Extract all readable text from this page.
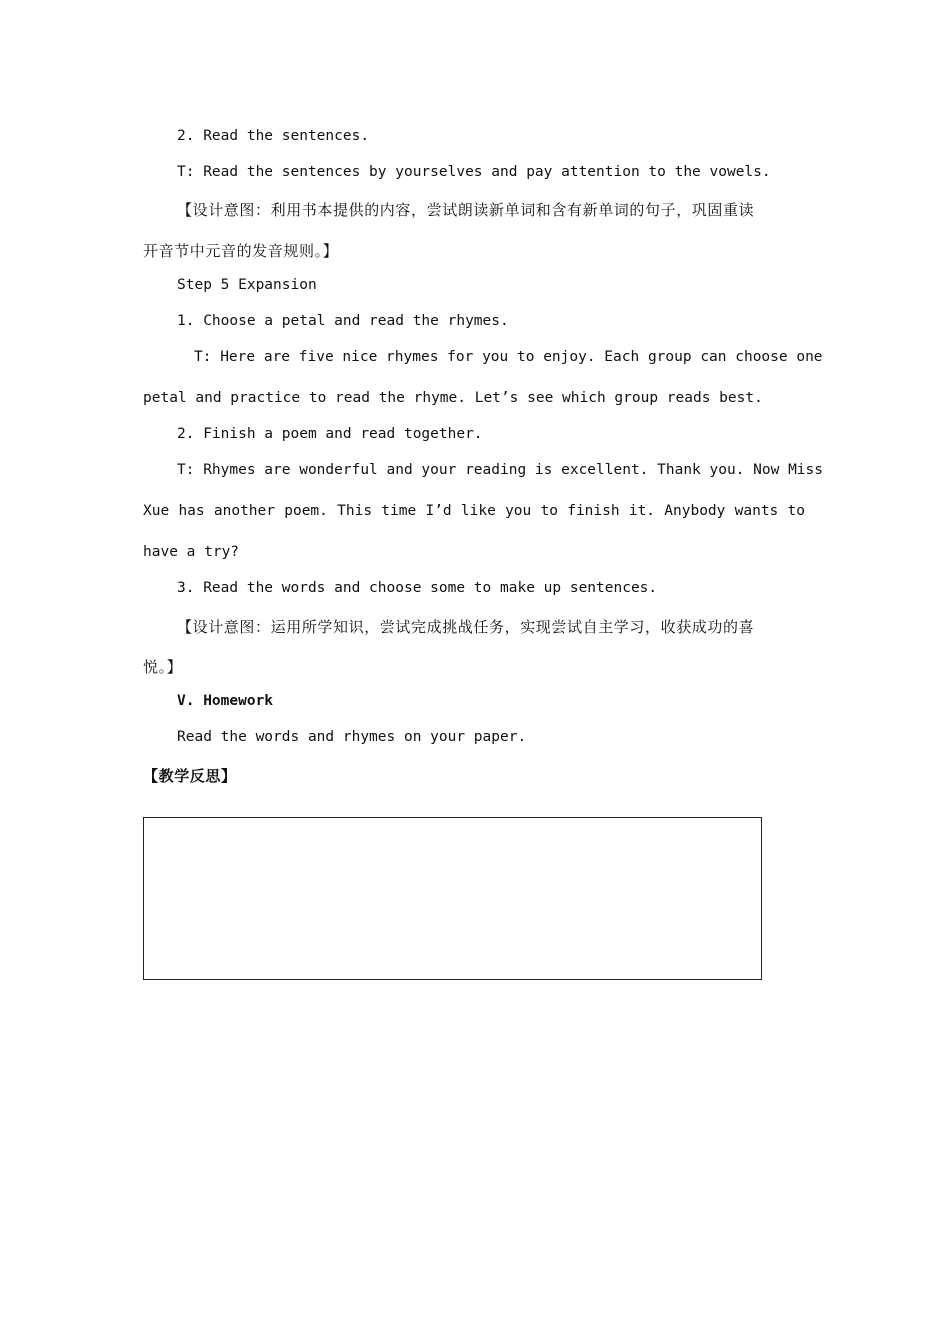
2. Read the sentences.
T: Read the sentences by yourselves and pay attention to the vowels.
【设计意图：利用书本提供的内容，尝试朗读新单词和含有新单词的句子，巩固重读
开音节中元音的发音规则。】
Step 5 Expansion
1. Choose a petal and read the rhymes.
T: Here are five nice rhymes for you to enjoy. Each group can choose one
petal and practice to read the rhyme. Let’s see which group reads best.
2. Finish a poem and read together.
T: Rhymes are wonderful and your reading is excellent. Thank you. Now Miss
Xue has another poem. This time I’d like you to finish it. Anybody wants to
have a try?
3. Read the words and choose some to make up sentences.
【设计意图：运用所学知识，尝试完成挑战任务，实现尝试自主学习，收获成功的喜
悦。】
V. Homework
Read the words and rhymes on your paper.
【教学反思】
